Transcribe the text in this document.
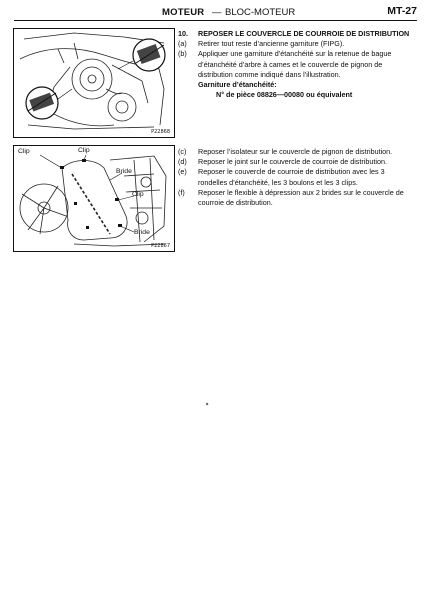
MOTEUR — BLOC-MOTEUR	MT-27
P22868
Clip	Clip
Bride
Clip
Bride
P22867
10. REPOSER LE COUVERCLE DE COURROIE DE DISTRIBUTION
(a) Retirer tout reste d’ancienne garniture (FIPG).
(b) Appliquer une garniture d’étanchéité sur la retenue de bague d’étanchéité d’arbre à cames et le couvercle de pignon de distribution comme indiqué dans l’illustration.
Garniture d’étanchéité:
N° de pièce 08826—00080 ou équivalent
(c) Reposer l’isolateur sur le couvercle de pignon de distribution.
(d) Reposer le joint sur le couvercle de courroie de distribution.
(e) Reposer le couvercle de courroie de distribution avec les 3 rondelles d’étanchéité, les 3 boulons et les 3 clips.
(f) Reposer le flexible à dépression aux 2 brides sur le couvercle de courroie de distribution.
